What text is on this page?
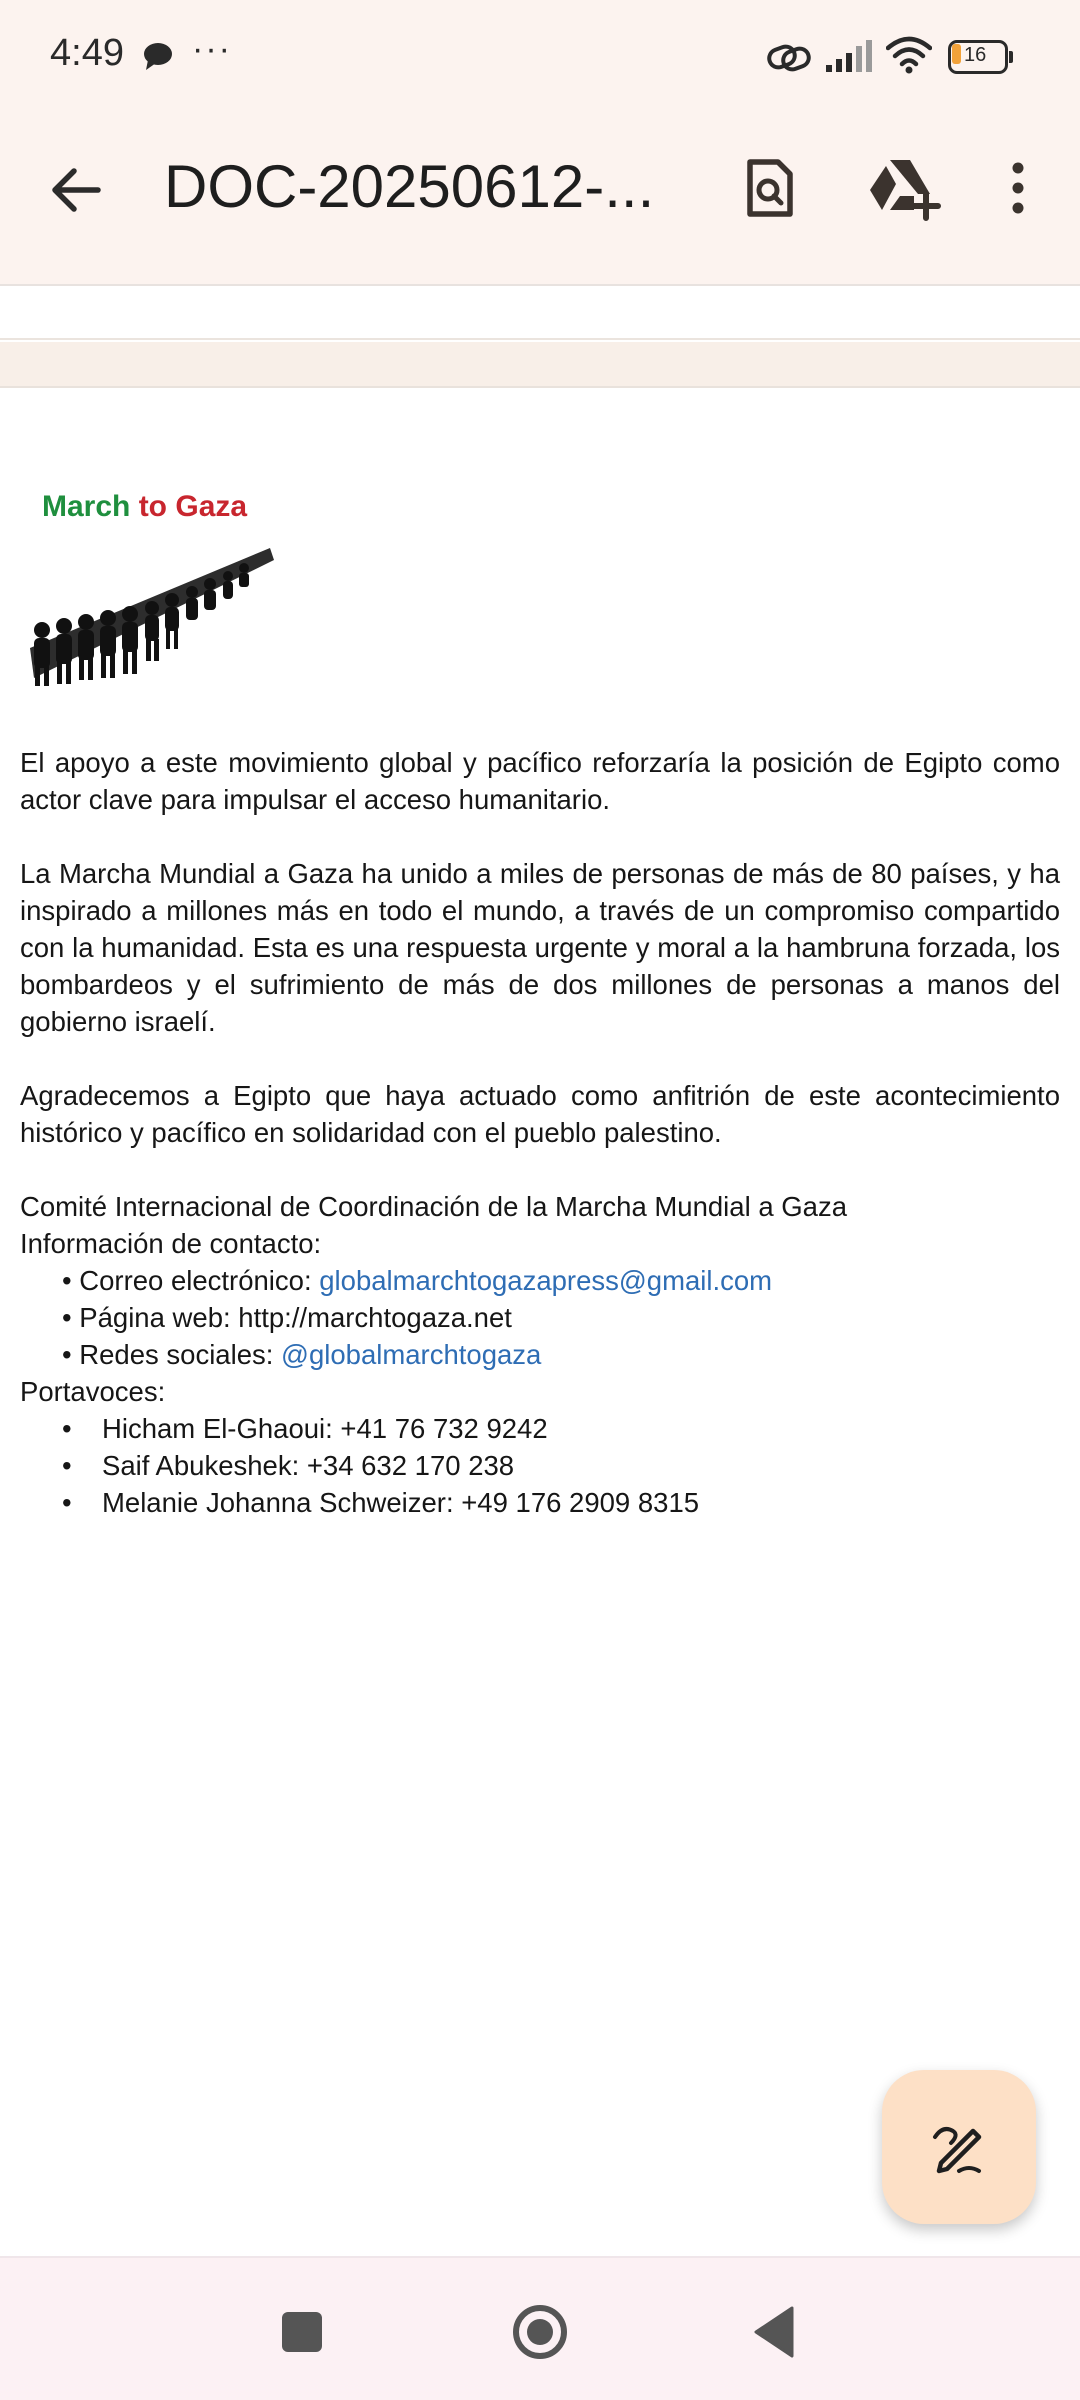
4:49 ···	16
DOC-20250612-...
March to Gaza

El apoyo a este movimiento global y pacífico reforzaría la posición de Egipto como actor clave para impulsar el acceso humanitario.

La Marcha Mundial a Gaza ha unido a miles de personas de más de 80 países, y ha inspirado a millones más en todo el mundo, a través de un compromiso compartido con la humanidad. Esta es una respuesta urgente y moral a la hambruna forzada, los bombardeos y el sufrimiento de más de dos millones de personas a manos del gobierno israelí.

Agradecemos a Egipto que haya actuado como anfitrión de este acontecimiento histórico y pacífico en solidaridad con el pueblo palestino.

Comité Internacional de Coordinación de la Marcha Mundial a Gaza
Información de contacto:
• Correo electrónico: globalmarchtogazapress@gmail.com
• Página web: http://marchtogaza.net
• Redes sociales: @globalmarchtogaza
Portavoces:
•	Hicham El-Ghaoui: +41 76 732 9242
•	Saif Abukeshek: +34 632 170 238
•	Melanie Johanna Schweizer: +49 176 2909 8315
